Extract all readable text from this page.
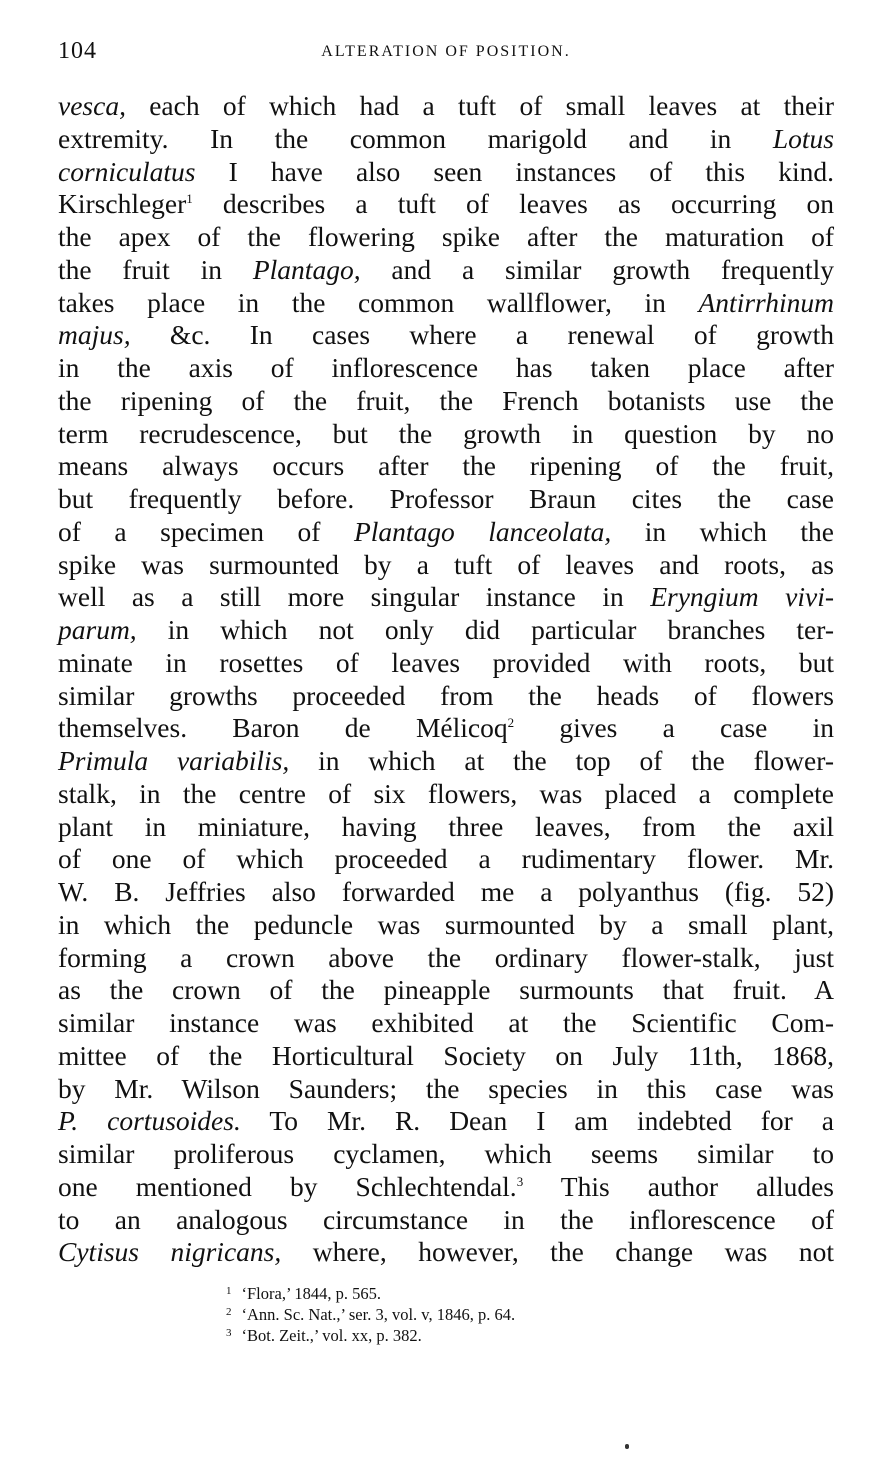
104	ALTERATION OF POSITION.
vesca, each of which had a tuft of small leaves at their
extremity. In the common marigold and in Lotus
corniculatus I have also seen instances of this kind.
Kirschleger$^1$ describes a tuft of leaves as occurring on
the apex of the flowering spike after the maturation of
the fruit in Plantago, and a similar growth frequently
takes place in the common wallflower, in Antirrhinum
majus, &c. In cases where a renewal of growth
in the axis of inflorescence has taken place after
the ripening of the fruit, the French botanists use the
term recrudescence, but the growth in question by no
means always occurs after the ripening of the fruit,
but frequently before. Professor Braun cites the case
of a specimen of Plantago lanceolata, in which the
spike was surmounted by a tuft of leaves and roots, as
well as a still more singular instance in Eryngium vivi-
parum, in which not only did particular branches ter-
minate in rosettes of leaves provided with roots, but
similar growths proceeded from the heads of flowers
themselves. Baron de Mélicoq$^2$ gives a case in
Primula variabilis, in which at the top of the flower-
stalk, in the centre of six flowers, was placed a complete
plant in miniature, having three leaves, from the axil
of one of which proceeded a rudimentary flower. Mr.
W. B. Jeffries also forwarded me a polyanthus (fig. 52)
in which the peduncle was surmounted by a small plant,
forming a crown above the ordinary flower-stalk, just
as the crown of the pineapple surmounts that fruit. A
similar instance was exhibited at the Scientific Com-
mittee of the Horticultural Society on July 11th, 1868,
by Mr. Wilson Saunders; the species in this case was
P. cortusoides. To Mr. R. Dean I am indebted for a
similar proliferous cyclamen, which seems similar to
one mentioned by Schlechtendal.$^3$ This author alludes
to an analogous circumstance in the inflorescence of
Cytisus nigricans, where, however, the change was not
$^1$ ‘Flora,’ 1844, p. 565.
$^2$ ‘Ann. Sc. Nat.,’ ser. 3, vol. v, 1846, p. 64.
$^3$ ‘Bot. Zeit.,’ vol. xx, p. 382.
